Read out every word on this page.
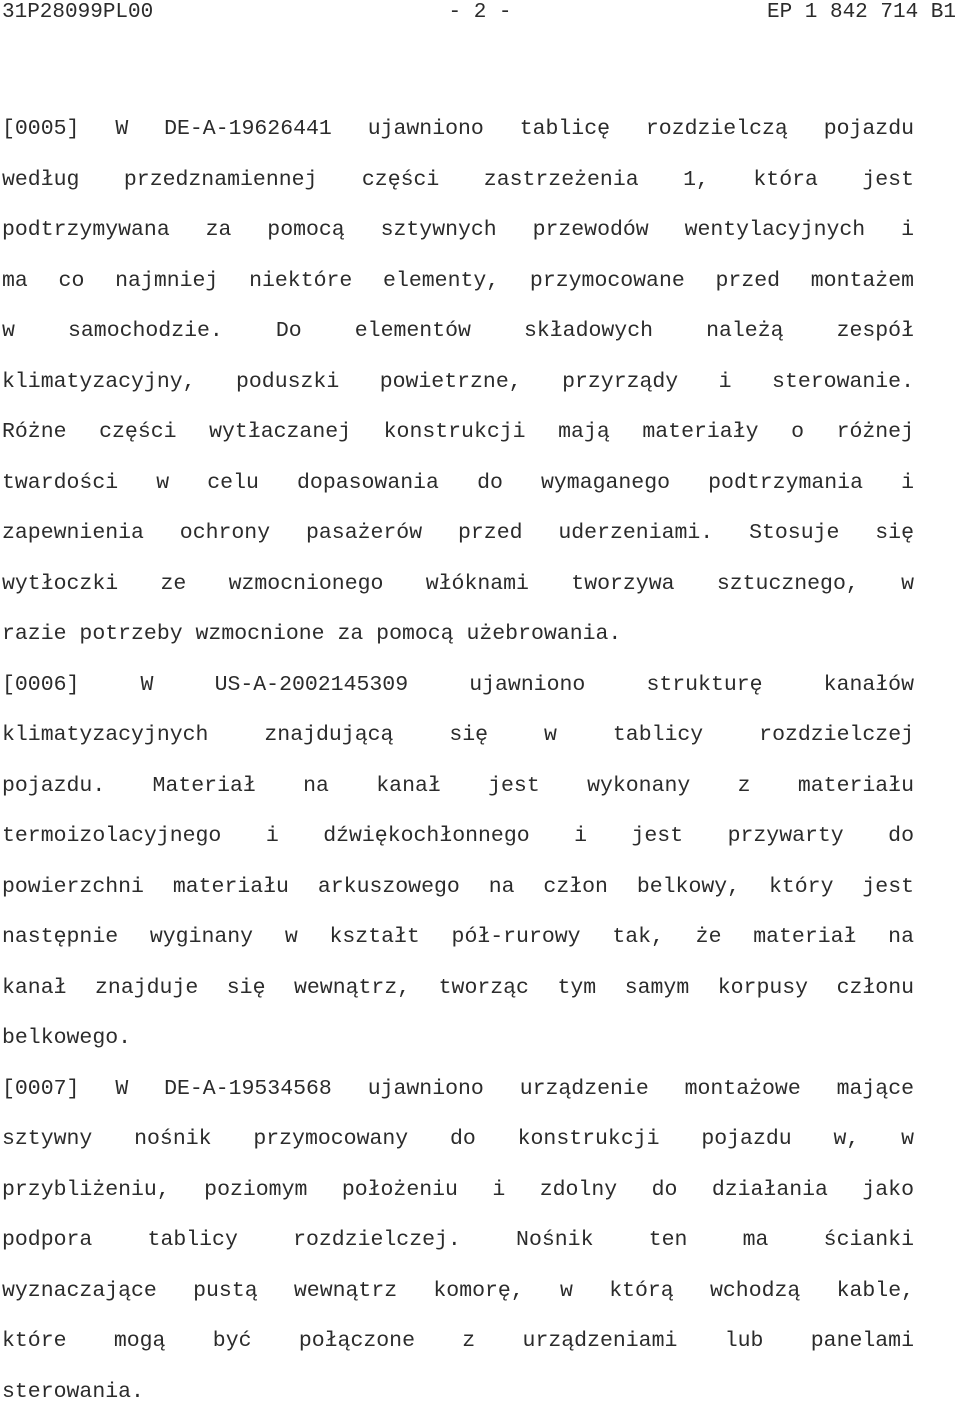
31P28099PL00	- 2 -	EP 1 842 714 B1
[0005] W DE-A-19626441 ujawniono tablicę rozdzielczą pojazdu
według przedznamiennej części zastrzeżenia 1, która jest
podtrzymywana za pomocą sztywnych przewodów wentylacyjnych i
ma co najmniej niektóre elementy, przymocowane przed montażem
w samochodzie. Do elementów składowych należą zespół
klimatyzacyjny, poduszki powietrzne, przyrządy i sterowanie.
Różne części wytłaczanej konstrukcji mają materiały o różnej
twardości w celu dopasowania do wymaganego podtrzymania i
zapewnienia ochrony pasażerów przed uderzeniami. Stosuje się
wytłoczki ze wzmocnionego włóknami tworzywa sztucznego, w
razie potrzeby wzmocnione za pomocą użebrowania.
[0006]	W US-A-2002145309 ujawniono strukturę kanałów
klimatyzacyjnych znajdującą się w tablicy rozdzielczej
pojazdu. Materiał na kanał jest wykonany z materiału
termoizolacyjnego i dźwiękochłonnego i jest przywarty do
powierzchni materiału arkuszowego na człon belkowy, który jest
następnie wyginany w kształt pół-rurowy tak, że materiał na
kanał znajduje się wewnątrz, tworząc tym samym korpusy członu
belkowego.
[0007] W DE-A-19534568 ujawniono urządzenie montażowe mające
sztywny nośnik przymocowany do konstrukcji pojazdu w, w
przybliżeniu, poziomym położeniu i zdolny do działania jako
podpora tablicy rozdzielczej. Nośnik ten ma ścianki
wyznaczające pustą wewnątrz komorę, w którą wchodzą kable,
które mogą być połączone z urządzeniami lub panelami
sterowania.
